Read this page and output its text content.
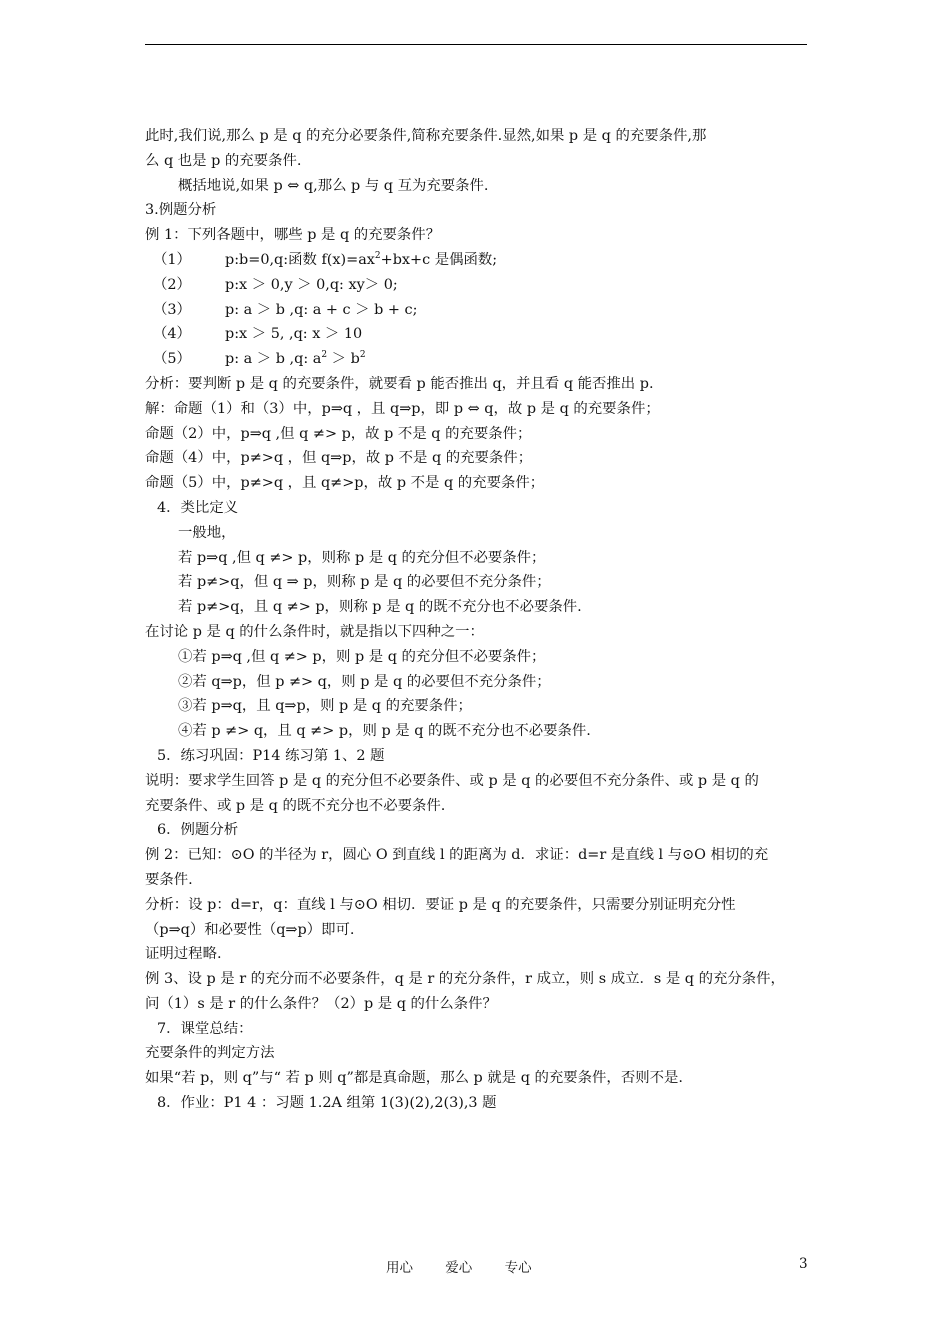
此时,我们说,那么 p 是 q 的充分必要条件,简称充要条件.显然,如果 p 是 q 的充要条件,那
么 q 也是 p 的充要条件.
概括地说,如果 p ⇔ q,那么 p 与 q 互为充要条件.
3.例题分析
例 1：下列各题中，哪些 p 是 q 的充要条件？
（1） p:b=0,q:函数 $f(x)=ax^2+bx+c$ 是偶函数;
（2） p:x ＞ 0,y ＞ 0,q: xy＞ 0;
（3） p: a ＞ b ,q: a + c ＞ b + c;
（4） p:x ＞ 5, ,q: x ＞ 10
（5） p: a ＞ b ,q: $a^2 > b^2$
分析：要判断 p 是 q 的充要条件，就要看 p 能否推出 q，并且看 q 能否推出 p.
解：命题（1）和（3）中，p⇒q ，且 q⇒p，即 p ⇔ q，故 p 是 q 的充要条件；
命题（2）中，p⇒q ,但 q ≠> p，故 p 不是 q 的充要条件；
命题（4）中，p≠>q ，但 q⇒p，故 p 不是 q 的充要条件；
命题（5）中，p≠>q ，且 q≠>p，故 p 不是 q 的充要条件；
4．类比定义
一般地，
若 p⇒q ,但 q ≠> p，则称 p 是 q 的充分但不必要条件；
若 p≠>q，但 q ⇒ p，则称 p 是 q 的必要但不充分条件；
若 p≠>q，且 q ≠> p，则称 p 是 q 的既不充分也不必要条件.
在讨论 p 是 q 的什么条件时，就是指以下四种之一：
①若 p⇒q ,但 q ≠> p，则 p 是 q 的充分但不必要条件；
②若 q⇒p，但 p ≠> q，则 p 是 q 的必要但不充分条件；
③若 p⇒q，且 q⇒p，则 p 是 q 的充要条件；
④若 p ≠> q，且 q ≠> p，则 p 是 q 的既不充分也不必要条件.
5．练习巩固：P14 练习第 1、2 题
说明：要求学生回答 p 是 q 的充分但不必要条件、或 p 是 q 的必要但不充分条件、或 p 是 q 的
充要条件、或 p 是 q 的既不充分也不必要条件.
6．例题分析
例 2：已知：⊙O 的半径为 r，圆心 O 到直线 l 的距离为 d．求证：d=r 是直线 l 与⊙O 相切的充
要条件.
分析：设 p：d=r，q：直线 l 与⊙O 相切．要证 p 是 q 的充要条件，只需要分别证明充分性
（p⇒q）和必要性（q⇒p）即可.
证明过程略.
例 3、设 p 是 r 的充分而不必要条件，q 是 r 的充分条件，r 成立，则 s 成立．s 是 q 的充分条件，
问（1）s 是 r 的什么条件？（2）p 是 q 的什么条件？
7．课堂总结：
充要条件的判定方法
如果“若 p，则 q”与“ 若 p 则 q”都是真命题，那么 p 就是 q 的充要条件，否则不是.
8．作业：P1 4 ：习题 1.2A 组第 1(3)(2),2(3),3 题
用心 爱心 专心	3
